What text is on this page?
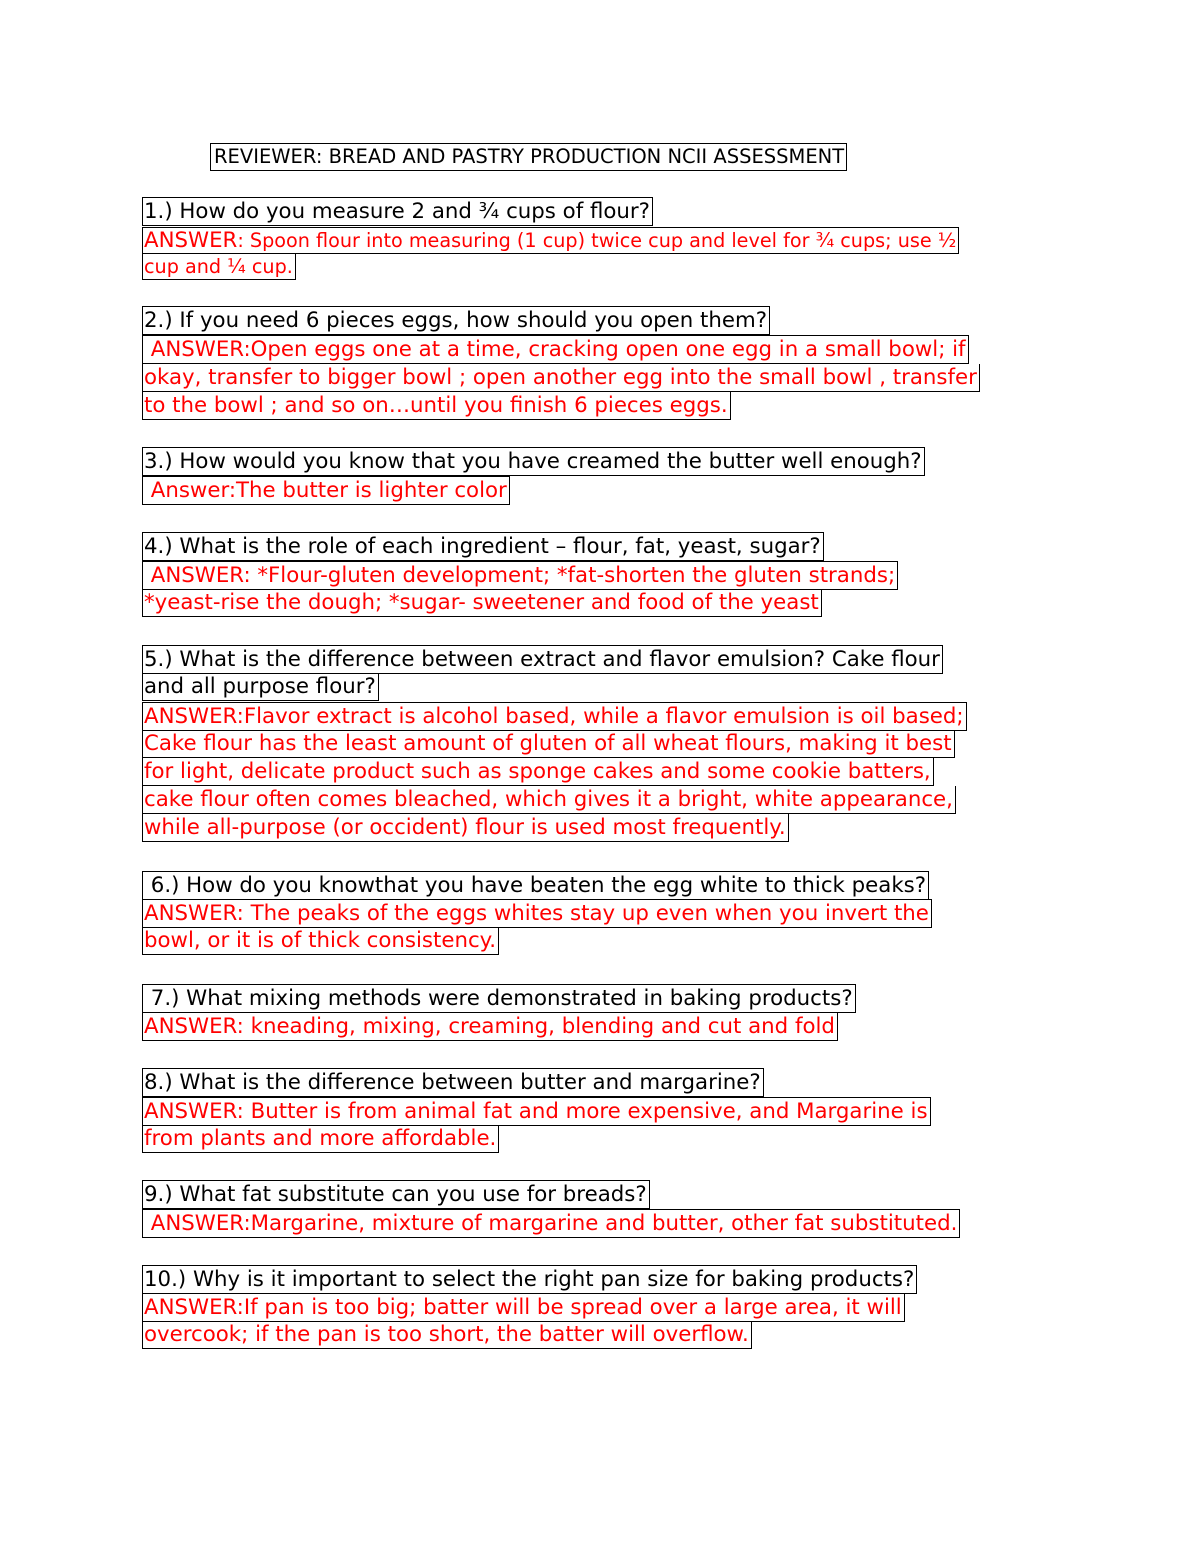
REVIEWER: BREAD AND PASTRY PRODUCTION NCII ASSESSMENT
1.) How do you measure 2 and ¾ cups of flour?
ANSWER: Spoon flour into measuring (1 cup) twice cup and level for ¾ cups; use ½
cup and ¼ cup.
2.) If you need 6 pieces eggs, how should you open them?
ANSWER:Open eggs one at a time, cracking open one egg in a small bowl; if
okay, transfer to bigger bowl ; open another egg into the small bowl , transfer
to the bowl ; and so on…until you finish 6 pieces eggs.
3.) How would you know that you have creamed the butter well enough?
Answer:The butter is lighter color
4.) What is the role of each ingredient – flour, fat, yeast, sugar?
ANSWER: *Flour-gluten development; *fat-shorten the gluten strands;
*yeast-rise the dough; *sugar- sweetener and food of the yeast
5.) What is the difference between extract and flavor emulsion? Cake flour
and all purpose flour?
ANSWER:Flavor extract is alcohol based, while a flavor emulsion is oil based;
Cake flour has the least amount of gluten of all wheat flours, making it best
for light, delicate product such as sponge cakes and some cookie batters,
cake flour often comes bleached, which gives it a bright, white appearance,
while all-purpose (or occident) flour is used most frequently.
6.) How do you knowthat you have beaten the egg white to thick peaks?
ANSWER: The peaks of the eggs whites stay up even when you invert the
bowl, or it is of thick consistency.
7.) What mixing methods were demonstrated in baking products?
ANSWER: kneading, mixing, creaming, blending and cut and fold
8.) What is the difference between butter and margarine?
ANSWER: Butter is from animal fat and more expensive, and Margarine is
from plants and more affordable.
9.) What fat substitute can you use for breads?
ANSWER:Margarine, mixture of margarine and butter, other fat substituted.
10.) Why is it important to select the right pan size for baking products?
ANSWER:If pan is too big; batter will be spread over a large area, it will
overcook; if the pan is too short, the batter will overflow.
